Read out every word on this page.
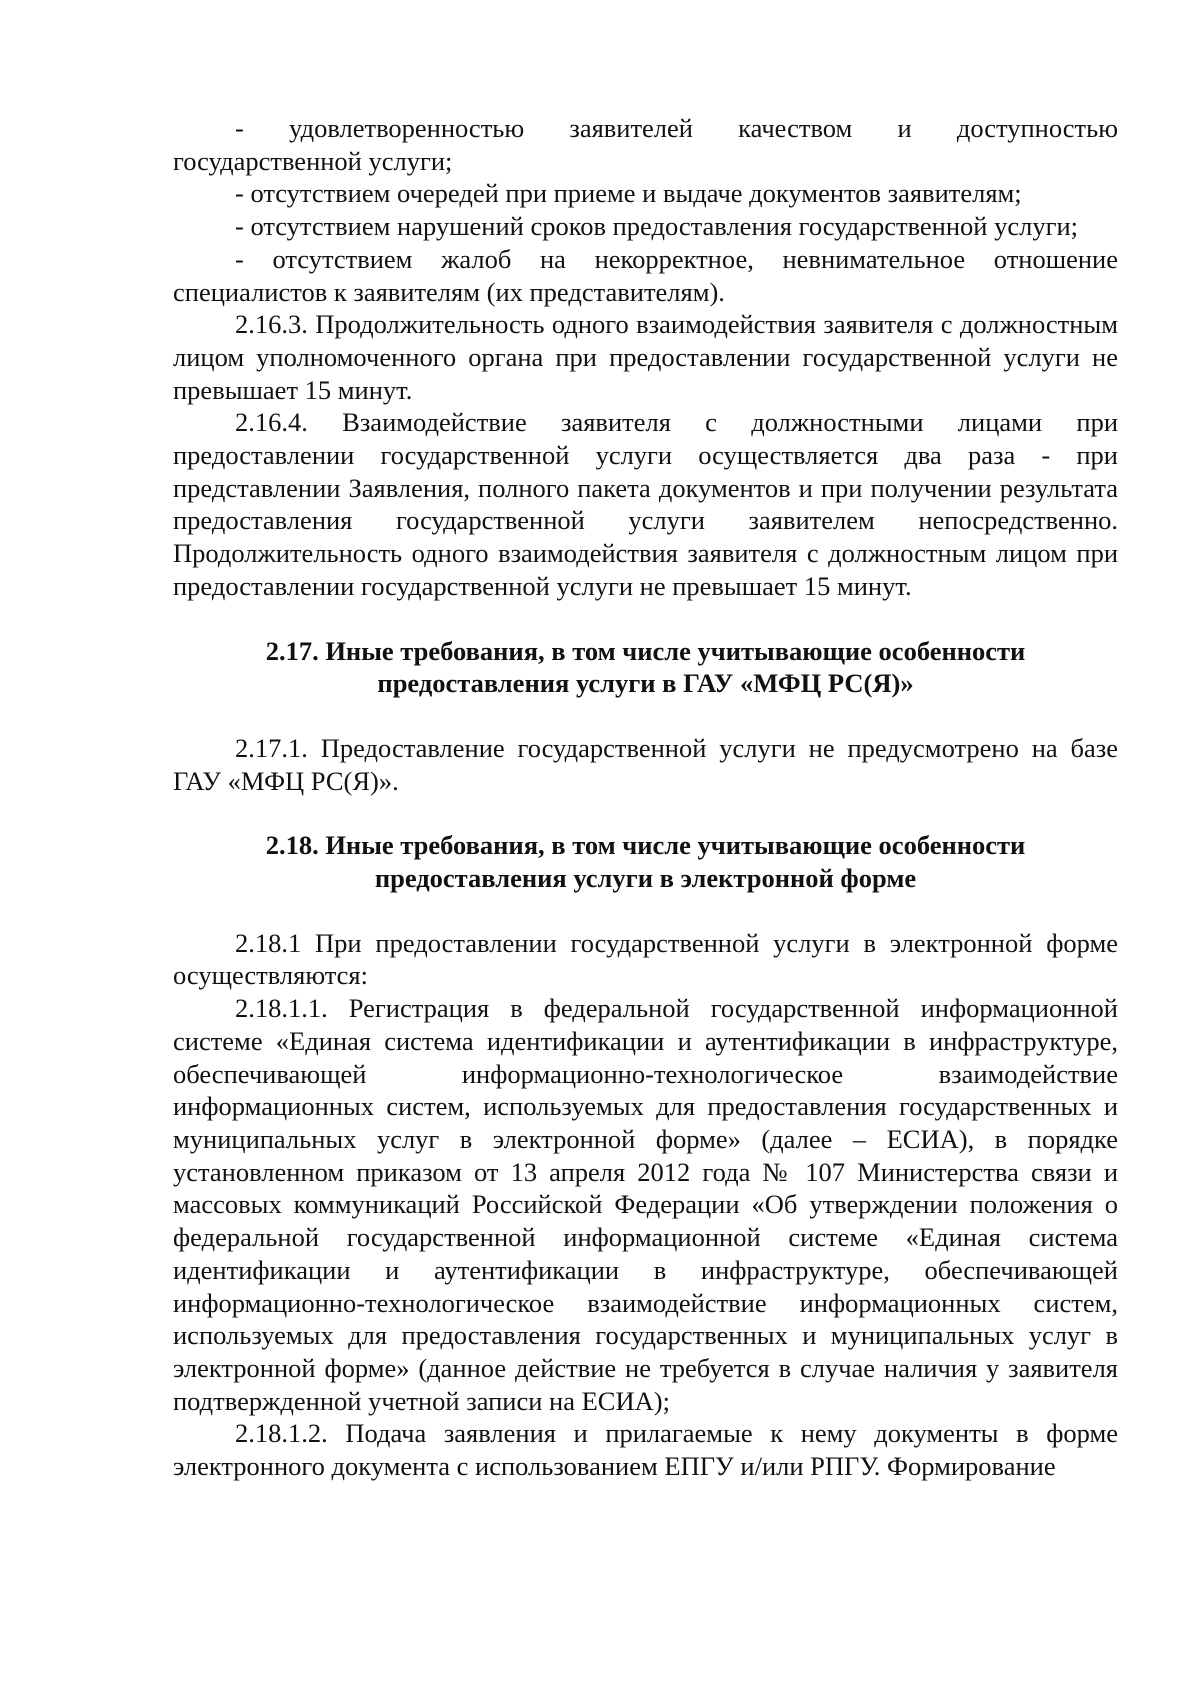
- удовлетворенностью заявителей качеством и доступностью государственной услуги;

- отсутствием очередей при приеме и выдаче документов заявителям;

- отсутствием нарушений сроков предоставления государственной услуги;

- отсутствием жалоб на некорректное, невнимательное отношение специалистов к заявителям (их представителям).

2.16.3. Продолжительность одного взаимодействия заявителя с должностным лицом уполномоченного органа при предоставлении государственной услуги не превышает 15 минут.

2.16.4. Взаимодействие заявителя с должностными лицами при предоставлении государственной услуги осуществляется два раза - при представлении Заявления, полного пакета документов и при получении результата предоставления государственной услуги заявителем непосредственно. Продолжительность одного взаимодействия заявителя с должностным лицом при предоставлении государственной услуги не превышает 15 минут.

2.17. Иные требования, в том числе учитывающие особенности
предоставления услуги в ГАУ «МФЦ РС(Я)»

2.17.1. Предоставление государственной услуги не предусмотрено на базе ГАУ «МФЦ РС(Я)».

2.18. Иные требования, в том числе учитывающие особенности
предоставления услуги в электронной форме

2.18.1 При предоставлении государственной услуги в электронной форме осуществляются:

2.18.1.1. Регистрация в федеральной государственной информационной системе «Единая система идентификации и аутентификации в инфраструктуре, обеспечивающей информационно-технологическое взаимодействие информационных систем, используемых для предоставления государственных и муниципальных услуг в электронной форме» (далее – ЕСИА), в порядке установленном приказом от 13 апреля 2012 года № 107 Министерства связи и массовых коммуникаций Российской Федерации «Об утверждении положения о федеральной государственной информационной системе «Единая система идентификации и аутентификации в инфраструктуре, обеспечивающей информационно-технологическое взаимодействие информационных систем, используемых для предоставления государственных и муниципальных услуг в электронной форме» (данное действие не требуется в случае наличия у заявителя подтвержденной учетной записи на ЕСИА);

2.18.1.2. Подача заявления и прилагаемые к нему документы в форме электронного документа с использованием ЕПГУ и/или РПГУ. Формирование
